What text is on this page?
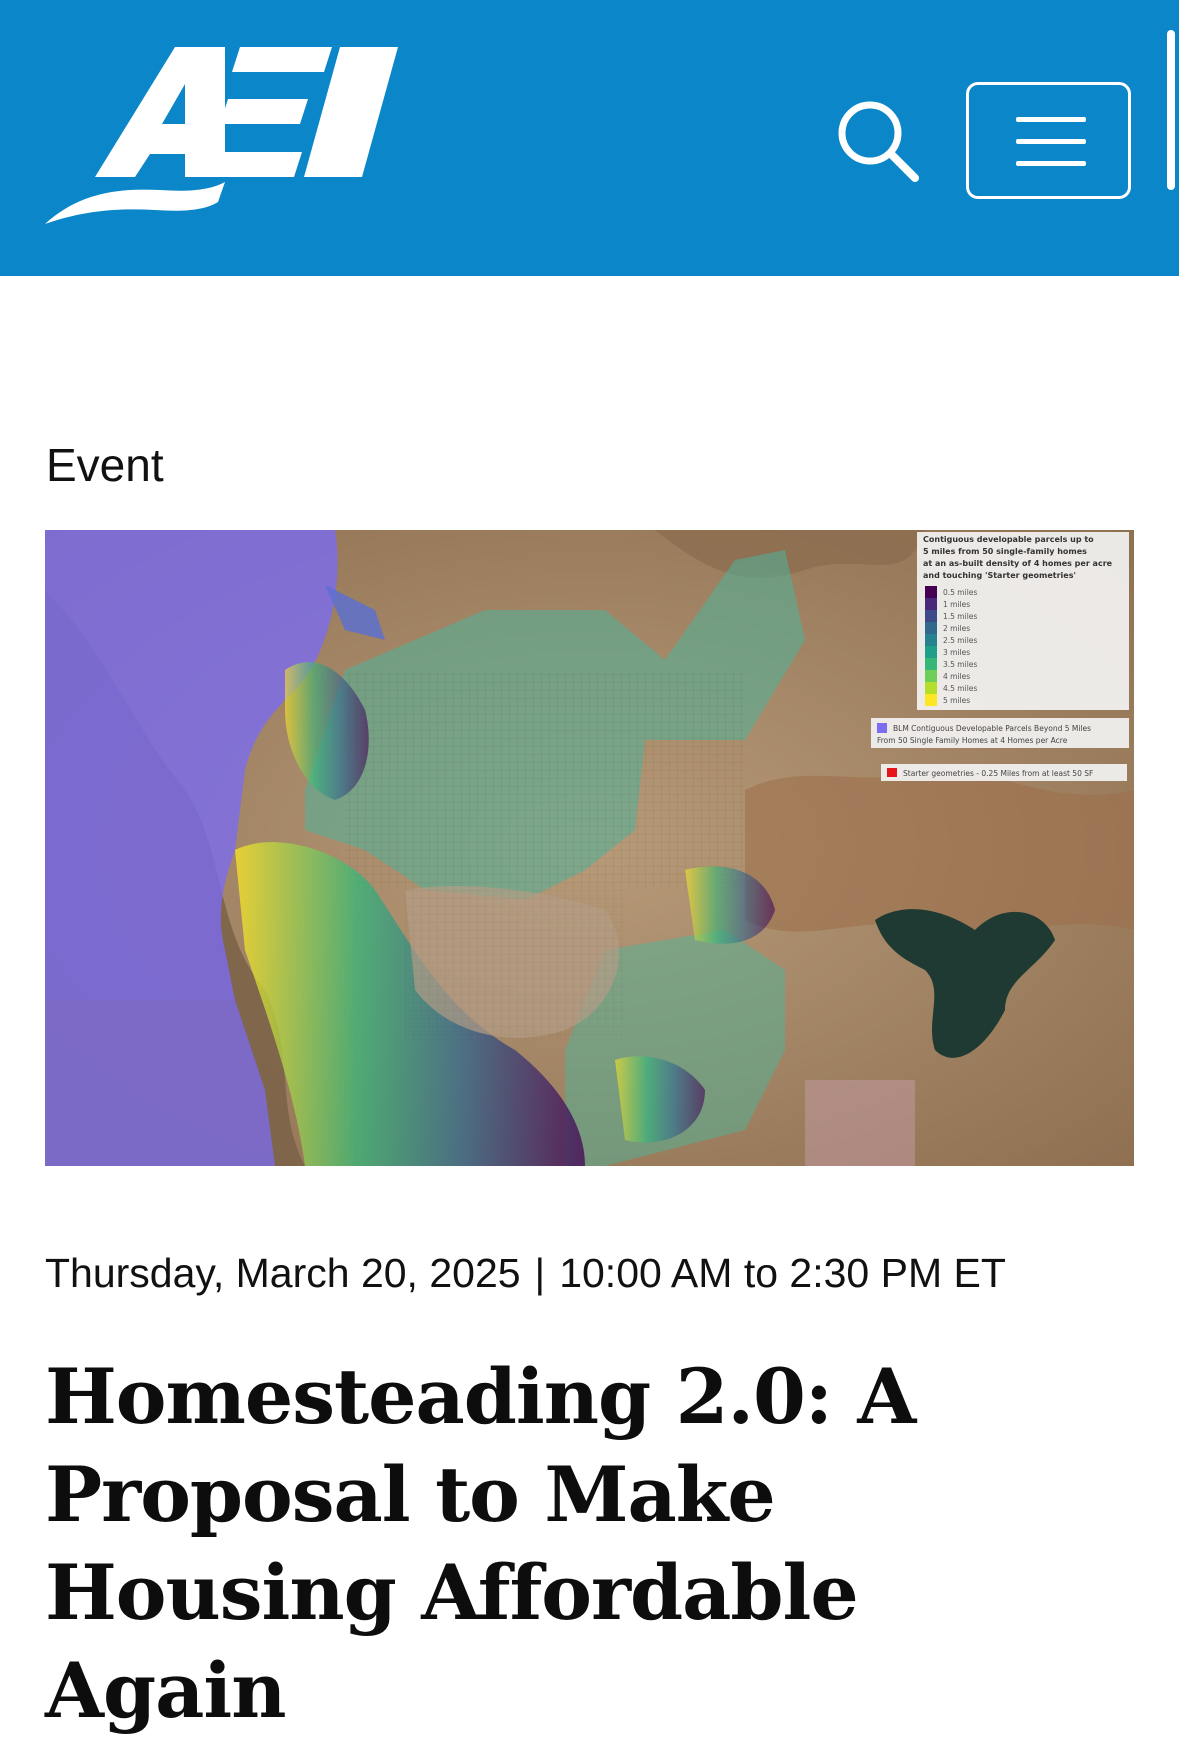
Event
Contiguous developable parcels up to
5 miles from 50 single-family homes
at an as-built density of 4 homes per acre
and touching 'Starter geometries'
0.5 miles
1 miles
1.5 miles
2 miles
2.5 miles
3 miles
3.5 miles
4 miles
4.5 miles
5 miles
BLM Contiguous Developable Parcels Beyond 5 Miles
From 50 Single Family Homes at 4 Homes per Acre
Starter geometries - 0.25 Miles from at least 50 SF
Thursday, March 20, 2025 | 10:00 AM to 2:30 PM ET
Homesteading 2.0: A Proposal to Make Housing Affordable Again
